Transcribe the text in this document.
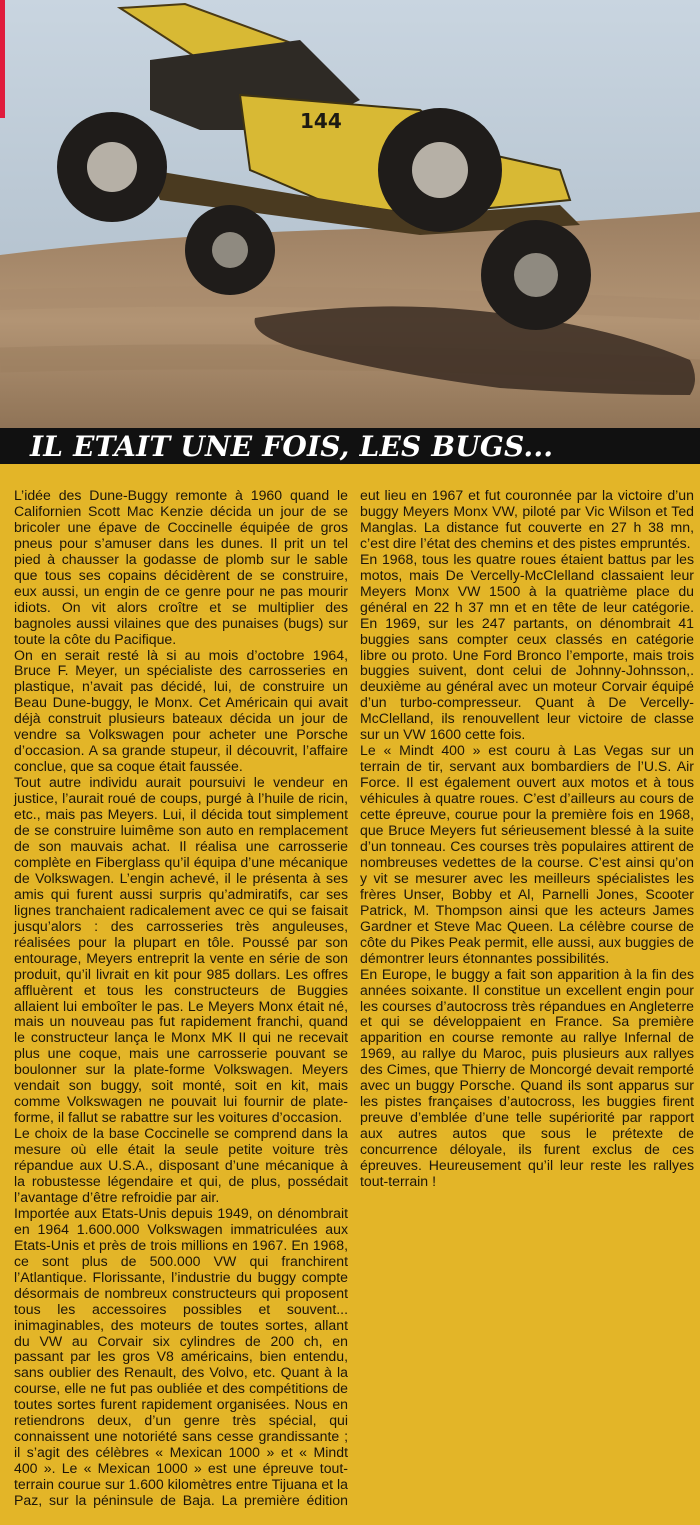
144
IL ETAIT UNE FOIS, LES BUGS...

L’idée des Dune-Buggy remonte à 1960 quand le Californien Scott Mac Kenzie décida un jour de se bricoler une épave de Coccinelle équipée de gros pneus pour s’amuser dans les dunes. Il prit un tel pied à chausser la godasse de plomb sur le sable que tous ses copains décidèrent de se construire, eux aussi, un engin de ce genre pour ne pas mourir idiots. On vit alors croître et se multiplier des bagnoles aussi vilaines que des punaises (bugs) sur toute la côte du Pacifique.

On en serait resté là si au mois d’octobre 1964, Bruce F. Meyer, un spécialiste des carrosseries en plastique, n’avait pas décidé, lui, de construire un Beau Dune-buggy, le Monx. Cet Américain qui avait déjà construit plusieurs bateaux décida un jour de vendre sa Volkswagen pour acheter une Porsche d’occasion. A sa grande stupeur, il découvrit, l’affaire conclue, que sa coque était faussée.

Tout autre individu aurait poursuivi le vendeur en justice, l’aurait roué de coups, purgé à l’huile de ricin, etc., mais pas Meyers. Lui, il décida tout simplement de se construire luimême son auto en remplacement de son mauvais achat. Il réalisa une carrosserie complète en Fiberglass qu’il équipa d’une mécanique de Volkswagen. L’engin achevé, il le présenta à ses amis qui furent aussi surpris qu’admiratifs, car ses lignes tranchaient radicalement avec ce qui se faisait jusqu’alors : des carrosseries très anguleuses, réalisées pour la plupart en tôle. Poussé par son entourage, Meyers entreprit la vente en série de son produit, qu’il livrait en kit pour 985 dollars. Les offres affluèrent et tous les constructeurs de Buggies allaient lui emboîter le pas. Le Meyers Monx était né, mais un nouveau pas fut rapidement franchi, quand le constructeur lança le Monx MK II qui ne recevait plus une coque, mais une carrosserie pouvant se boulonner sur la plate-forme Volkswagen. Meyers vendait son buggy, soit monté, soit en kit, mais comme Volkswagen ne pouvait lui fournir de plate-forme, il fallut se rabattre sur les voitures d’occasion.

Le choix de la base Coccinelle se comprend dans la mesure où elle était la seule petite voiture très répandue aux U.S.A., disposant d’une mécanique à la robustesse légendaire et qui, de plus, possédait l’avantage d’être refroidie par air.

Importée aux Etats-Unis depuis 1949, on dénombrait en 1964 1.600.000 Volkswagen immatriculées aux Etats-Unis et près de trois millions en 1967. En 1968, ce sont plus de 500.000 VW qui franchirent l’Atlantique. Florissante, l’industrie du buggy compte désormais de nombreux constructeurs qui proposent tous les accessoires possibles et souvent... inimaginables, des moteurs de toutes sortes, allant du VW au Corvair six cylindres de 200 ch, en passant par les gros V8 américains, bien entendu, sans oublier des Renault, des Volvo, etc. Quant à la course, elle ne fut pas oubliée et des compétitions de toutes sortes furent rapidement organisées. Nous en retiendrons deux, d’un genre très spécial, qui connaissent une notoriété sans cesse grandissante ; il s’agit des célèbres « Mexican 1000 » et « Mindt 400 ». Le « Mexican 1000 » est une épreuve tout-terrain courue sur 1.600 kilomètres entre Tijuana et la Paz, sur la péninsule de Baja. La première édition eut lieu en 1967 et fut couronnée par la victoire d’un buggy Meyers Monx VW, piloté par Vic Wilson et Ted Manglas. La distance fut couverte en 27 h 38 mn, c’est dire l’état des chemins et des pistes empruntés.

En 1968, tous les quatre roues étaient battus par les motos, mais De Vercelly-McClelland classaient leur Meyers Monx VW 1500 à la quatrième place du général en 22 h 37 mn et en tête de leur catégorie. En 1969, sur les 247 partants, on dénombrait 41 buggies sans compter ceux classés en catégorie libre ou proto. Une Ford Bronco l’emporte, mais trois buggies suivent, dont celui de Johnny-Johnsson,. deuxième au général avec un moteur Corvair équipé d’un turbo-compresseur. Quant à De Vercelly-McClelland, ils renouvellent leur victoire de classe sur un VW 1600 cette fois.

Le « Mindt 400 » est couru à Las Vegas sur un terrain de tir, servant aux bombardiers de l’U.S. Air Force. Il est également ouvert aux motos et à tous véhicules à quatre roues. C’est d’ailleurs au cours de cette épreuve, courue pour la première fois en 1968, que Bruce Meyers fut sérieusement blessé à la suite d’un tonneau. Ces courses très populaires attirent de nombreuses vedettes de la course. C’est ainsi qu’on y vit se mesurer avec les meilleurs spécialistes les frères Unser, Bobby et Al, Parnelli Jones, Scooter Patrick, M. Thompson ainsi que les acteurs James Gardner et Steve Mac Queen. La célèbre course de côte du Pikes Peak permit, elle aussi, aux buggies de démontrer leurs étonnantes possibilités.

En Europe, le buggy a fait son apparition à la fin des années soixante. Il constitue un excellent engin pour les courses d’autocross très répandues en Angleterre et qui se développaient en France. Sa première apparition en course remonte au rallye Infernal de 1969, au rallye du Maroc, puis plusieurs aux rallyes des Cimes, que Thierry de Moncorgé devait remporté avec un buggy Porsche. Quand ils sont apparus sur les pistes françaises d’autocross, les buggies firent preuve d’emblée d’une telle supériorité par rapport aux autres autos que sous le prétexte de concurrence déloyale, ils furent exclus de ces épreuves. Heureusement qu’il leur reste les rallyes tout-terrain !
